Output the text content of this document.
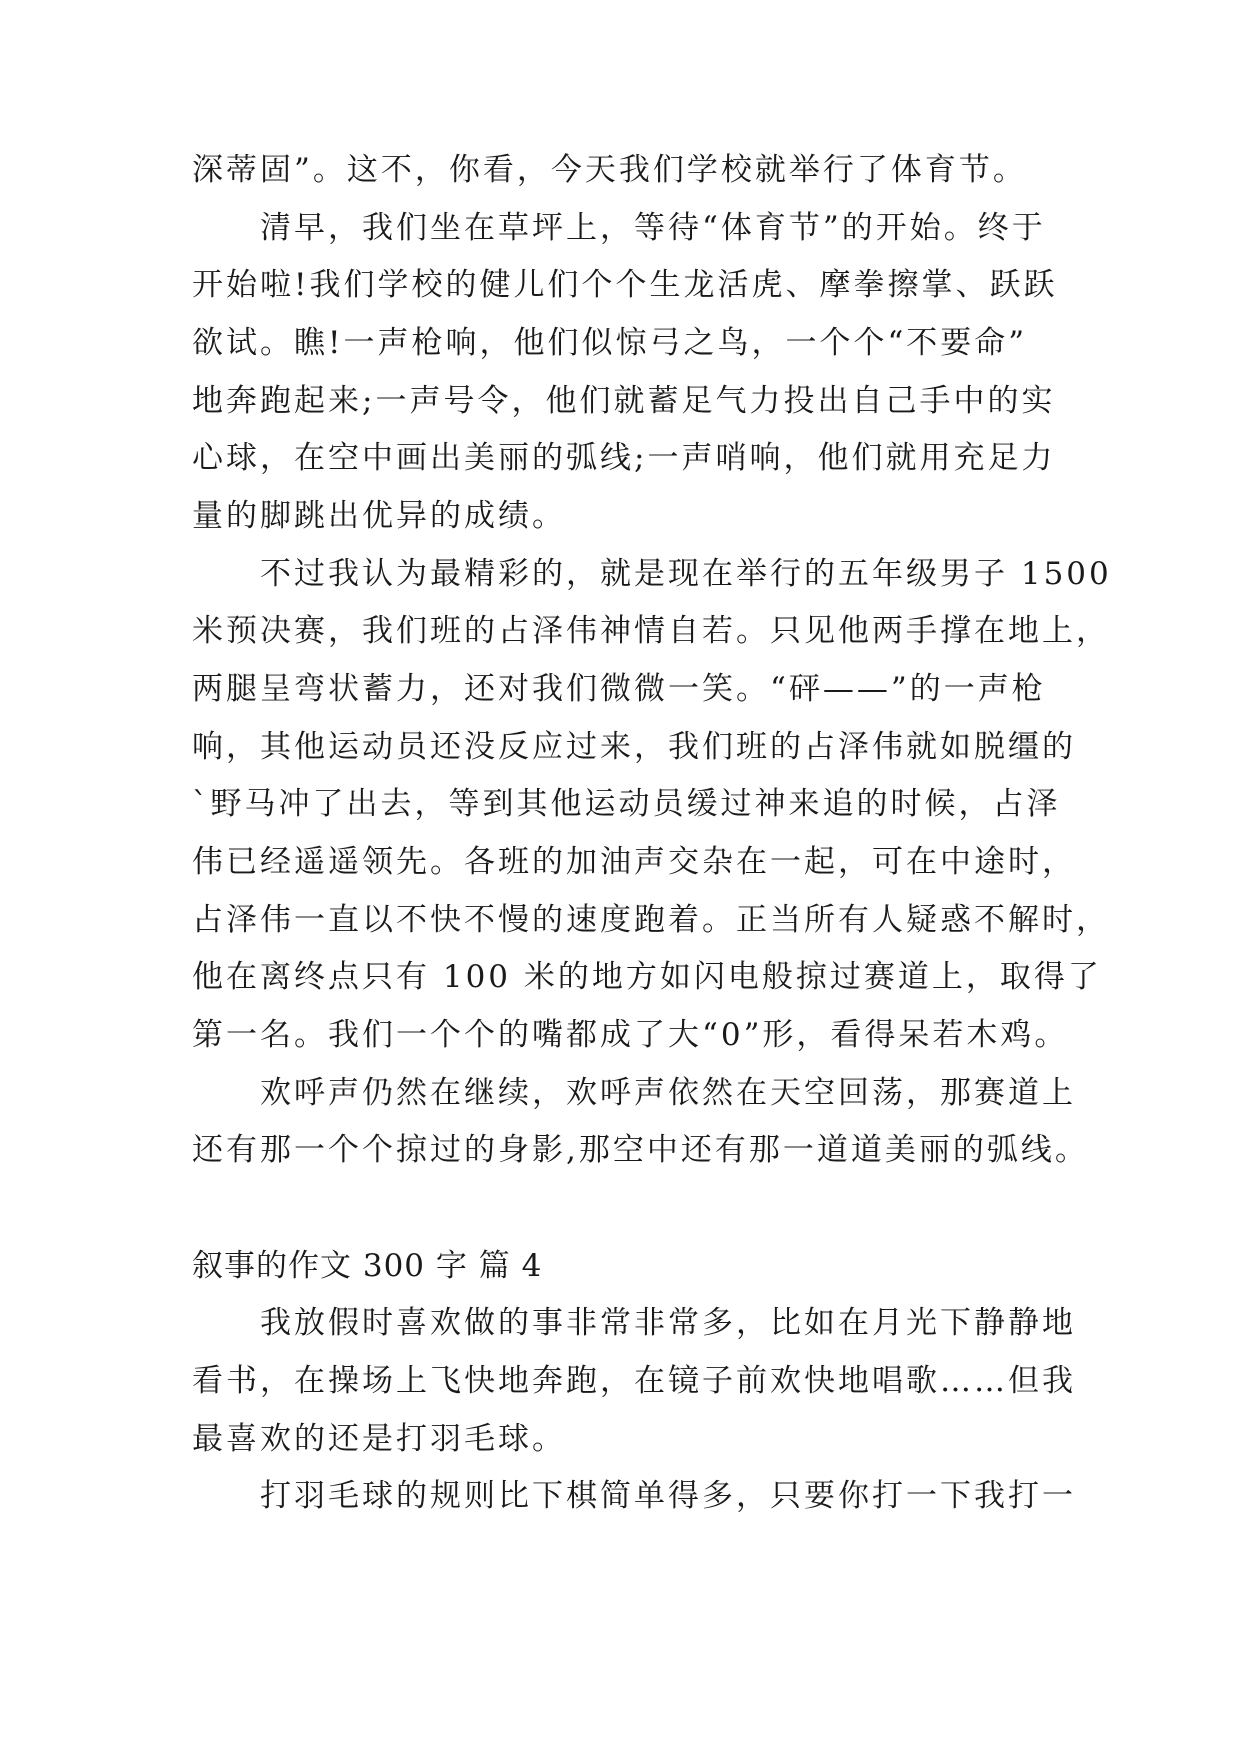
深蒂固”。这不，你看，今天我们学校就举行了体育节。
　　清早，我们坐在草坪上，等待“体育节”的开始。终于
开始啦!我们学校的健儿们个个生龙活虎、摩拳擦掌、跃跃
欲试。瞧!一声枪响，他们似惊弓之鸟，一个个“不要命”
地奔跑起来;一声号令，他们就蓄足气力投出自己手中的实
心球，在空中画出美丽的弧线;一声哨响，他们就用充足力
量的脚跳出优异的成绩。
　　不过我认为最精彩的，就是现在举行的五年级男子 1500
米预决赛，我们班的占泽伟神情自若。只见他两手撑在地上，
两腿呈弯状蓄力，还对我们微微一笑。“砰——”的一声枪
响，其他运动员还没反应过来，我们班的占泽伟就如脱缰的
`野马冲了出去，等到其他运动员缓过神来追的时候，占泽
伟已经遥遥领先。各班的加油声交杂在一起，可在中途时，
占泽伟一直以不快不慢的速度跑着。正当所有人疑惑不解时，
他在离终点只有 100 米的地方如闪电般掠过赛道上，取得了
第一名。我们一个个的嘴都成了大“0”形，看得呆若木鸡。
　　欢呼声仍然在继续，欢呼声依然在天空回荡，那赛道上
还有那一个个掠过的身影,那空中还有那一道道美丽的弧线。
叙事的作文 300 字 篇 4
　　我放假时喜欢做的事非常非常多，比如在月光下静静地
看书，在操场上飞快地奔跑，在镜子前欢快地唱歌……但我
最喜欢的还是打羽毛球。
　　打羽毛球的规则比下棋简单得多，只要你打一下我打一
